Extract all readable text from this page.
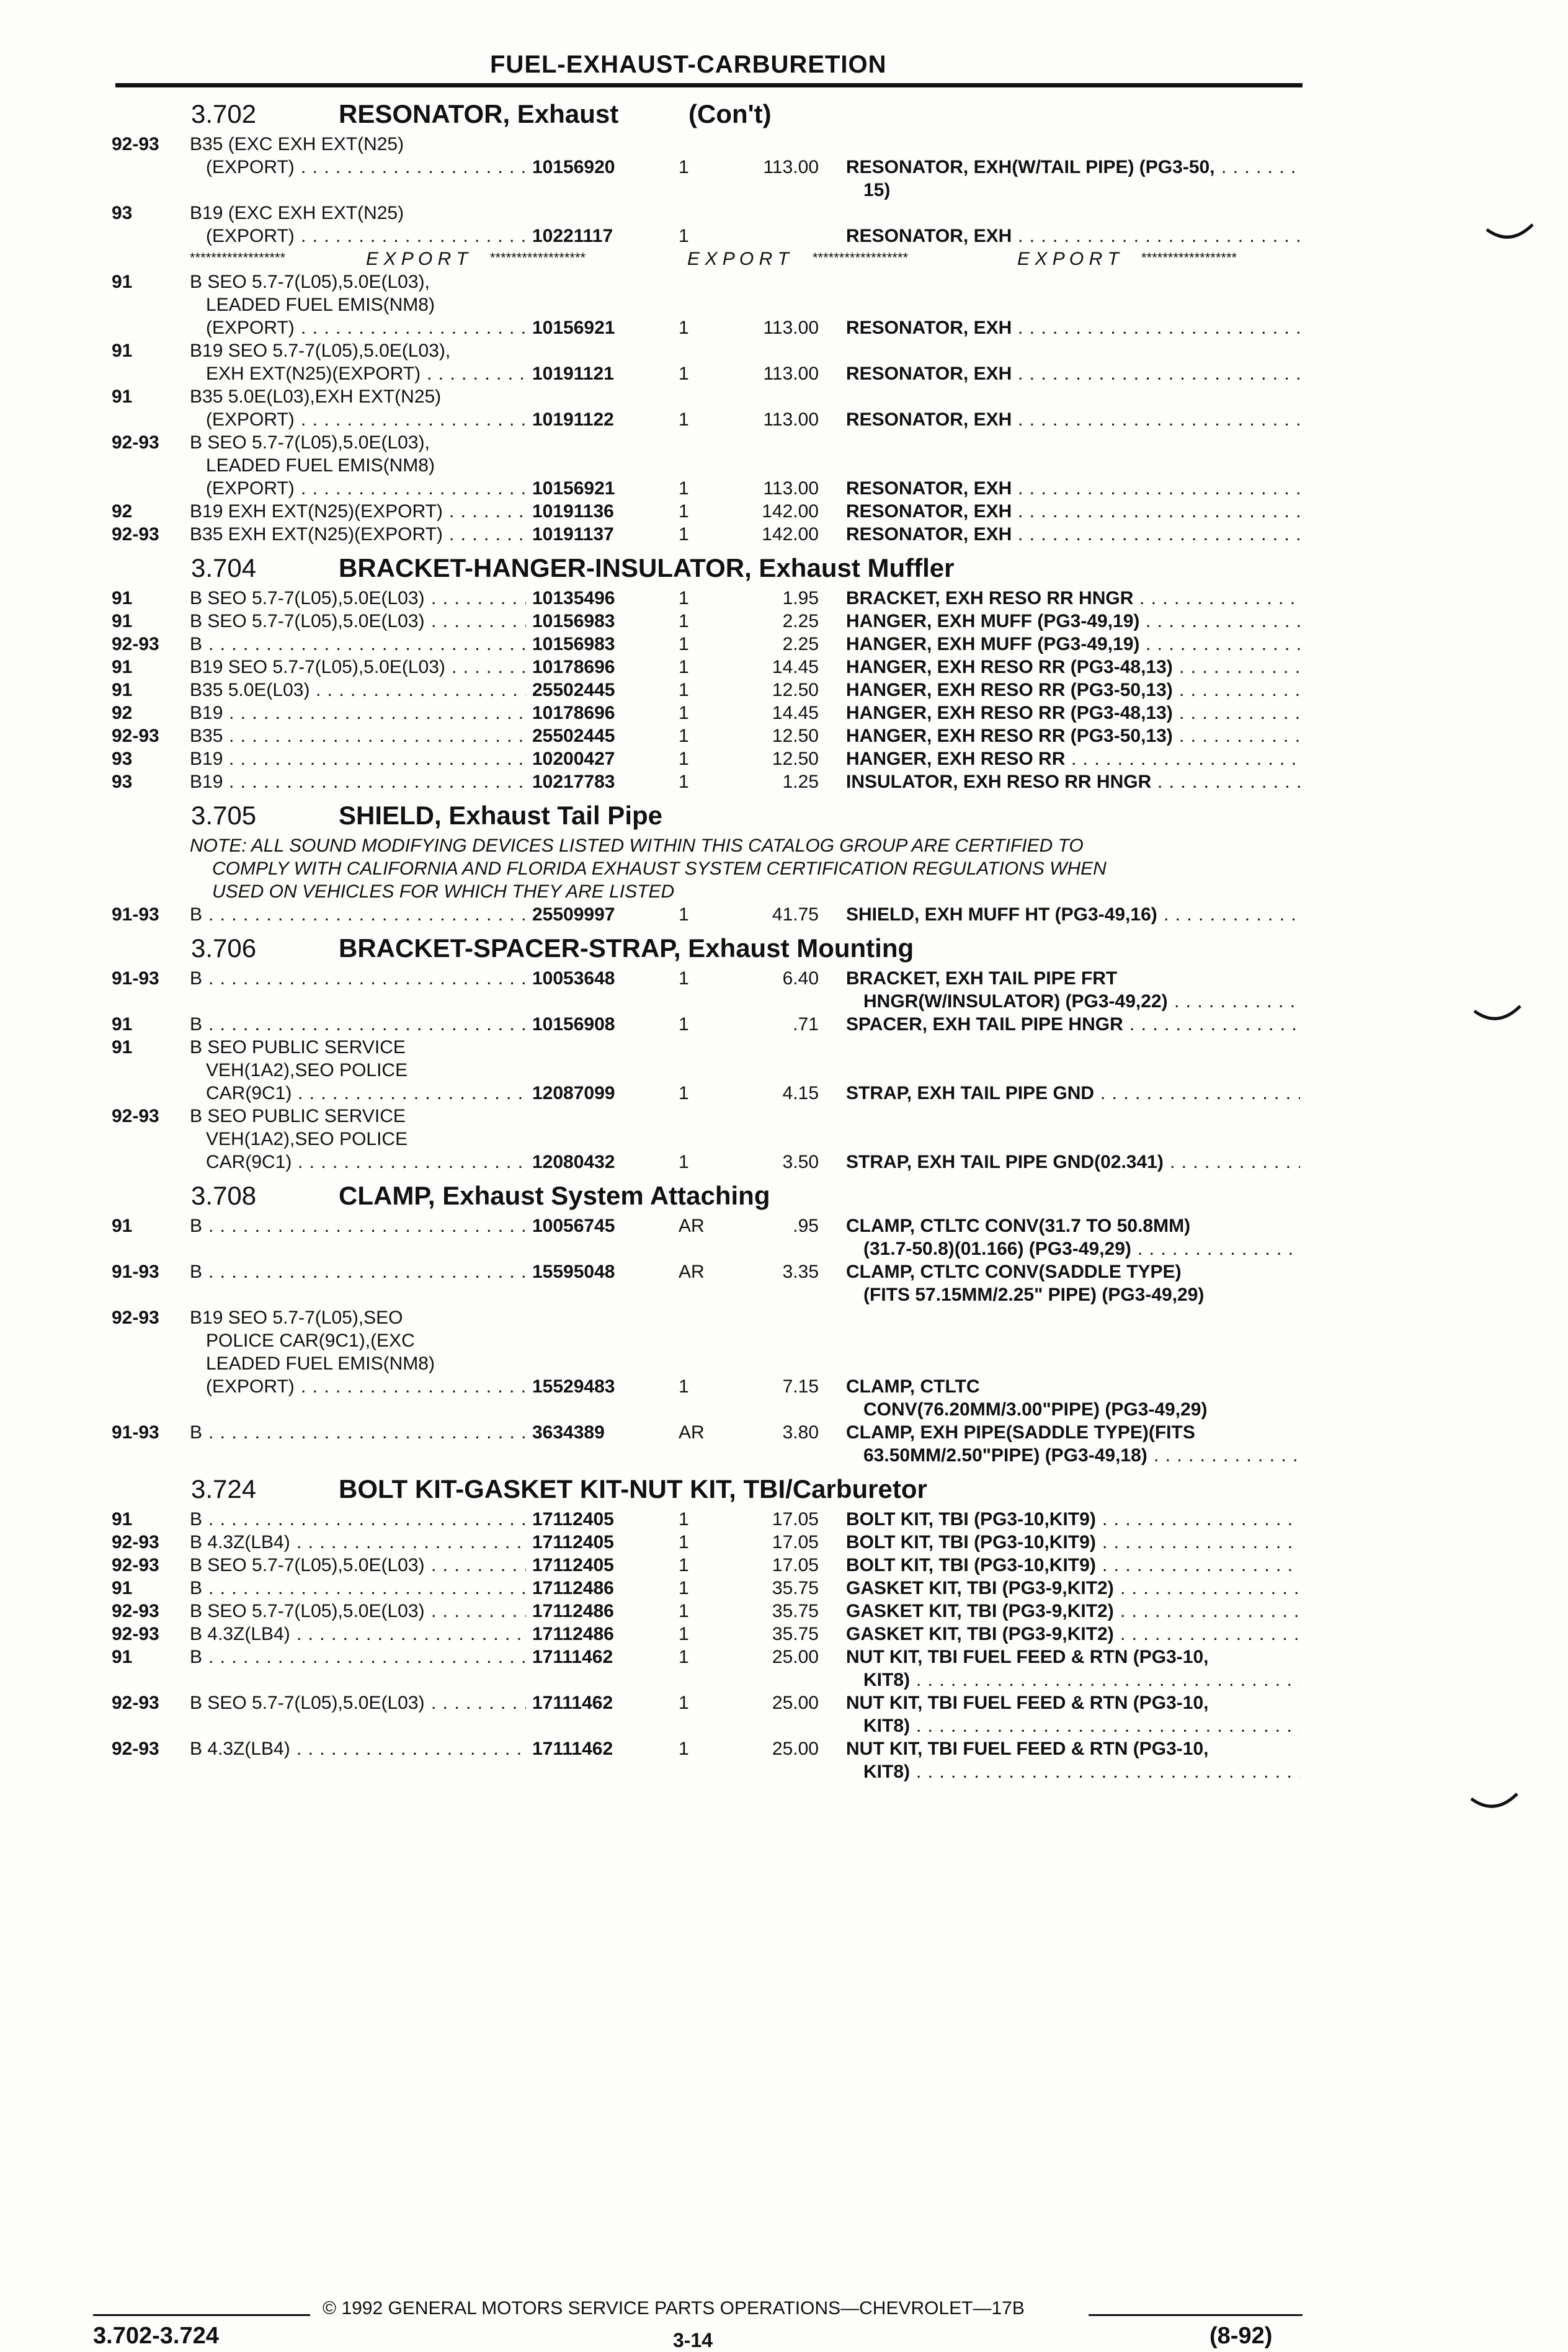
FUEL-EXHAUST-CARBURETION
3.702	RESONATOR, Exhaust	(Con't)
92-93 B35 (EXC EXH EXT(N25)
(EXPORT) . . .	10156920	1	113.00 RESONATOR, EXH(W/TAIL PIPE) (PG3-50,
. . .
15)
93	B19 (EXC EXH EXT(N25)
(EXPORT) . . .	10221117	1	RESONATOR, EXH
. . .
******************	E X P O R T ******************	E X P O R T ******************	E X P O R T ******************
91	B SEO 5.7-7(L05),5.0E(L03),
LEADED FUEL EMIS(NM8)
(EXPORT) . . .	10156921	1	113.00 RESONATOR, EXH
. . .
91	B19 SEO 5.7-7(L05),5.0E(L03),
EXH EXT(N25)(EXPORT) . . .	10191121	1	113.00 RESONATOR, EXH
. . .
91	B35 5.0E(L03),EXH EXT(N25)
(EXPORT) . . .	10191122	1	113.00 RESONATOR, EXH
. . .
92-93 B SEO 5.7-7(L05),5.0E(L03),
LEADED FUEL EMIS(NM8)
(EXPORT) . . .	10156921	1	113.00 RESONATOR, EXH
. . .
92	B19 EXH EXT(N25)(EXPORT) . . .	10191136	1	142.00 RESONATOR, EXH
. . .
92-93 B35 EXH EXT(N25)(EXPORT) . . .	10191137	1	142.00 RESONATOR, EXH
. . .
3.704	BRACKET-HANGER-INSULATOR, Exhaust Muffler
91	B SEO 5.7-7(L05),5.0E(L03) . . .	10135496	1	1.95 BRACKET, EXH RESO RR HNGR
. . .
91	B SEO 5.7-7(L05),5.0E(L03) . . .	10156983	1	2.25 HANGER, EXH MUFF (PG3-49,19)
. . .
92-93 B . . .	10156983	1	2.25 HANGER, EXH MUFF (PG3-49,19)
. . .
91	B19 SEO 5.7-7(L05),5.0E(L03) . . .	10178696	1	14.45 HANGER, EXH RESO RR (PG3-48,13)
. . .
91	B35 5.0E(L03) . . .	25502445	1	12.50 HANGER, EXH RESO RR (PG3-50,13)
. . .
92	B19 . . .	10178696	1	14.45 HANGER, EXH RESO RR (PG3-48,13)
. . .
92-93 B35 . . .	25502445	1	12.50 HANGER, EXH RESO RR (PG3-50,13)
. . .
93	B19 . . .	10200427	1	12.50 HANGER, EXH RESO RR
. . .
93	B19 . . .	10217783	1	1.25 INSULATOR, EXH RESO RR HNGR
. . .
3.705	SHIELD, Exhaust Tail Pipe
NOTE: ALL SOUND MODIFYING DEVICES LISTED WITHIN THIS CATALOG GROUP ARE CERTIFIED TO
COMPLY WITH CALIFORNIA AND FLORIDA EXHAUST SYSTEM CERTIFICATION REGULATIONS WHEN
USED ON VEHICLES FOR WHICH THEY ARE LISTED
91-93 B . . .	25509997	1	41.75 SHIELD, EXH MUFF HT (PG3-49,16)
. . .
3.706	BRACKET-SPACER-STRAP, Exhaust Mounting
91-93 B . . .	10053648	1	6.40 BRACKET, EXH TAIL PIPE FRT
HNGR(W/INSULATOR) (PG3-49,22)
. . .
91	B . . .	10156908	1	.71 SPACER, EXH TAIL PIPE HNGR
. . .
91	B SEO PUBLIC SERVICE
VEH(1A2),SEO POLICE
CAR(9C1) . . .	12087099	1	4.15 STRAP, EXH TAIL PIPE GND
. . .
92-93 B SEO PUBLIC SERVICE
VEH(1A2),SEO POLICE
CAR(9C1) . . .	12080432	1	3.50 STRAP, EXH TAIL PIPE GND(02.341)
. . .
3.708	CLAMP, Exhaust System Attaching
91	B . . .	10056745	AR	.95 CLAMP, CTLTC CONV(31.7 TO 50.8MM)
(31.7-50.8)(01.166) (PG3-49,29)
. . .
91-93 B . . .	15595048	AR	3.35 CLAMP, CTLTC CONV(SADDLE TYPE)
(FITS 57.15MM/2.25" PIPE) (PG3-49,29)
92-93 B19 SEO 5.7-7(L05),SEO
POLICE CAR(9C1),(EXC
LEADED FUEL EMIS(NM8)
(EXPORT) . . .	15529483	1	7.15 CLAMP, CTLTC
CONV(76.20MM/3.00"PIPE) (PG3-49,29)
91-93 B . . .	3634389	AR	3.80 CLAMP, EXH PIPE(SADDLE TYPE)(FITS
63.50MM/2.50"PIPE) (PG3-49,18)
. . .
3.724	BOLT KIT-GASKET KIT-NUT KIT, TBI/Carburetor
91	B . . .	17112405	1	17.05 BOLT KIT, TBI (PG3-10,KIT9)
. . .
92-93 B 4.3Z(LB4) . . .	17112405	1	17.05 BOLT KIT, TBI (PG3-10,KIT9)
. . .
92-93 B SEO 5.7-7(L05),5.0E(L03) . . .	17112405	1	17.05 BOLT KIT, TBI (PG3-10,KIT9)
. . .
91	B . . .	17112486	1	35.75 GASKET KIT, TBI (PG3-9,KIT2)
. . .
92-93 B SEO 5.7-7(L05),5.0E(L03) . . .	17112486	1	35.75 GASKET KIT, TBI (PG3-9,KIT2)
. . .
92-93 B 4.3Z(LB4) . . .	17112486	1	35.75 GASKET KIT, TBI (PG3-9,KIT2)
. . .
91	B . . .	17111462	1	25.00 NUT KIT, TBI FUEL FEED & RTN (PG3-10,
KIT8)
. . .
92-93 B SEO 5.7-7(L05),5.0E(L03) . . .	17111462	1	25.00 NUT KIT, TBI FUEL FEED & RTN (PG3-10,
KIT8)
. . .
92-93 B 4.3Z(LB4) . . .	17111462	1	25.00 NUT KIT, TBI FUEL FEED & RTN (PG3-10,
KIT8)
. . .
© 1992 GENERAL MOTORS SERVICE PARTS OPERATIONS—CHEVROLET—17B
3.702-3.724	3-14	(8-92)
